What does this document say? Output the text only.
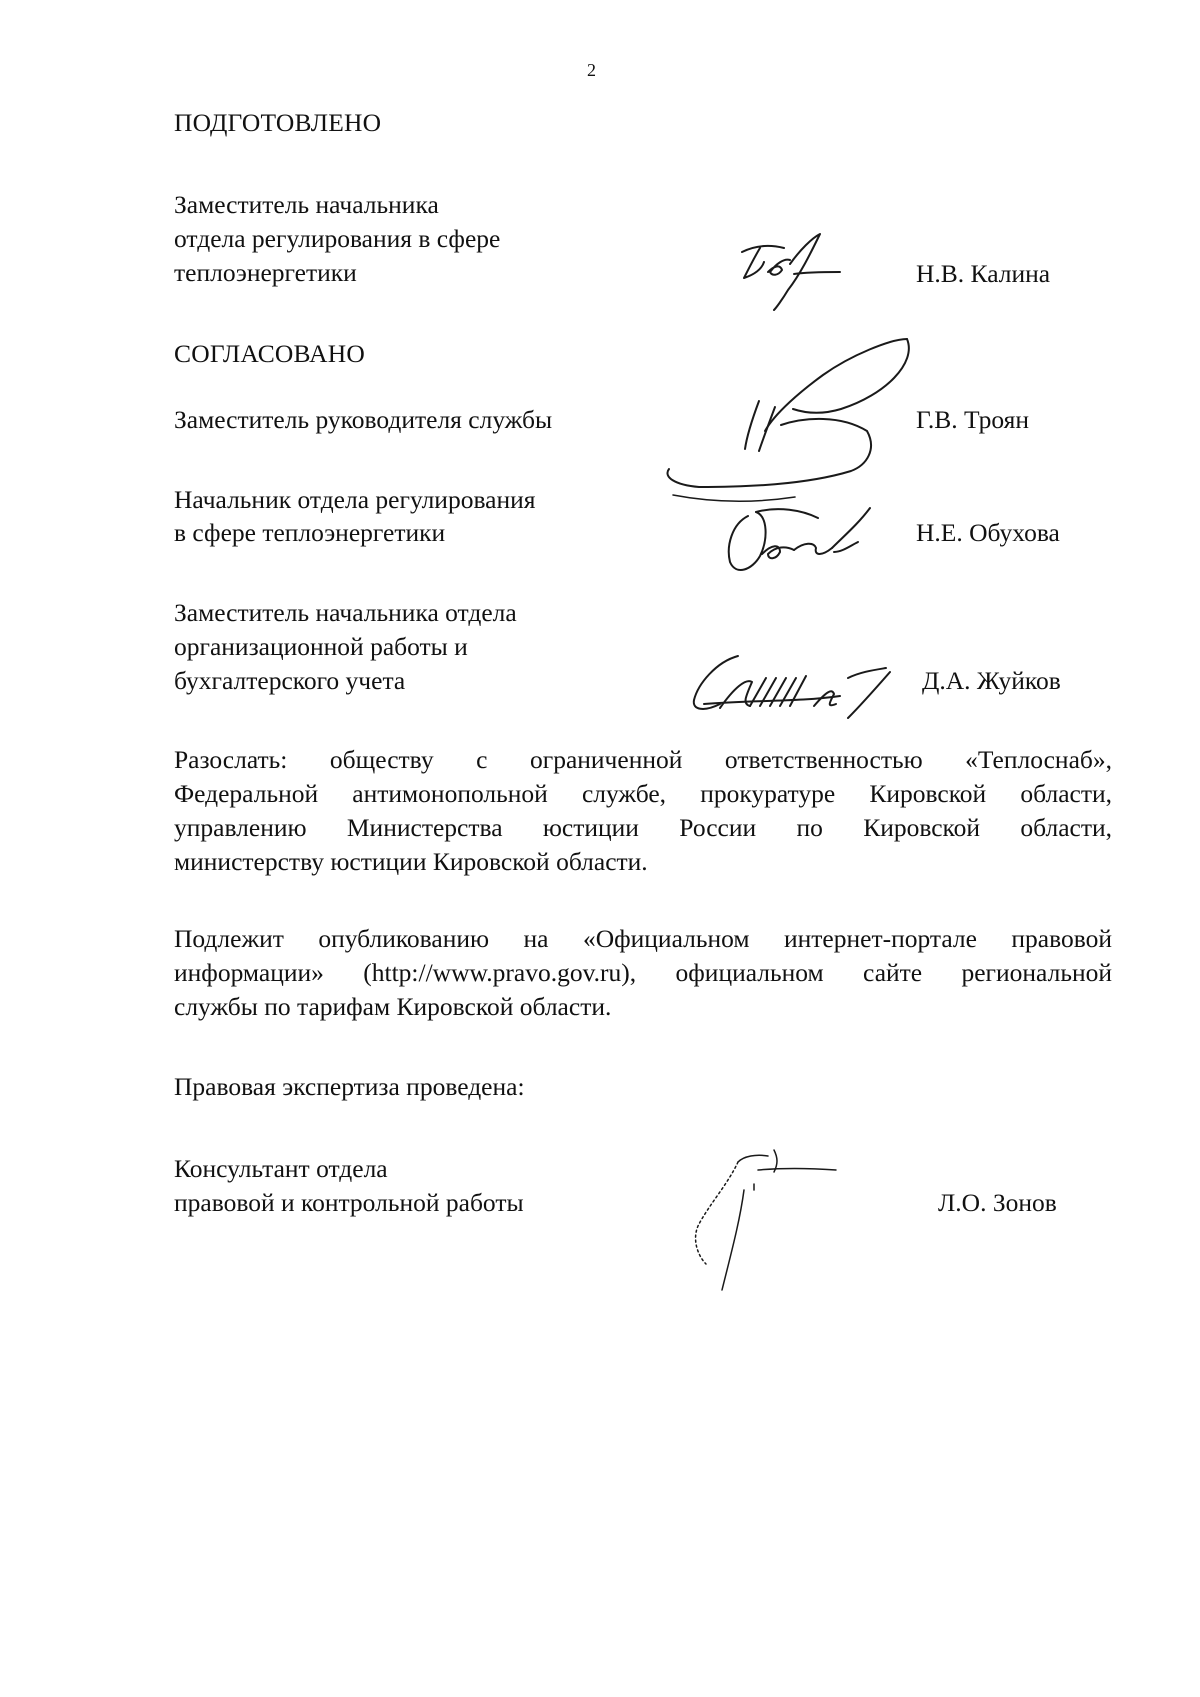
2
ПОДГОТОВЛЕНО
Заместитель начальника
отдела регулирования в сфере
теплоэнергетики	Н.В. Калина
СОГЛАСОВАНО
Заместитель руководителя службы	Г.В. Троян
Начальник отдела регулирования
в сфере теплоэнергетики	Н.Е. Обухова
Заместитель начальника отдела
организационной работы и
бухгалтерского учета	Д.А. Жуйков
Разослать: обществу с ограниченной ответственностью «Теплоснаб»,
Федеральной антимонопольной службе, прокуратуре Кировской области,
управлению Министерства юстиции России по Кировской области,
министерству юстиции Кировской области.
Подлежит опубликованию на «Официальном интернет-портале правовой
информации» (http://www.pravo.gov.ru), официальном сайте региональной
службы по тарифам Кировской области.
Правовая экспертиза проведена:
Консультант отдела
правовой и контрольной работы	Л.О. Зонов
